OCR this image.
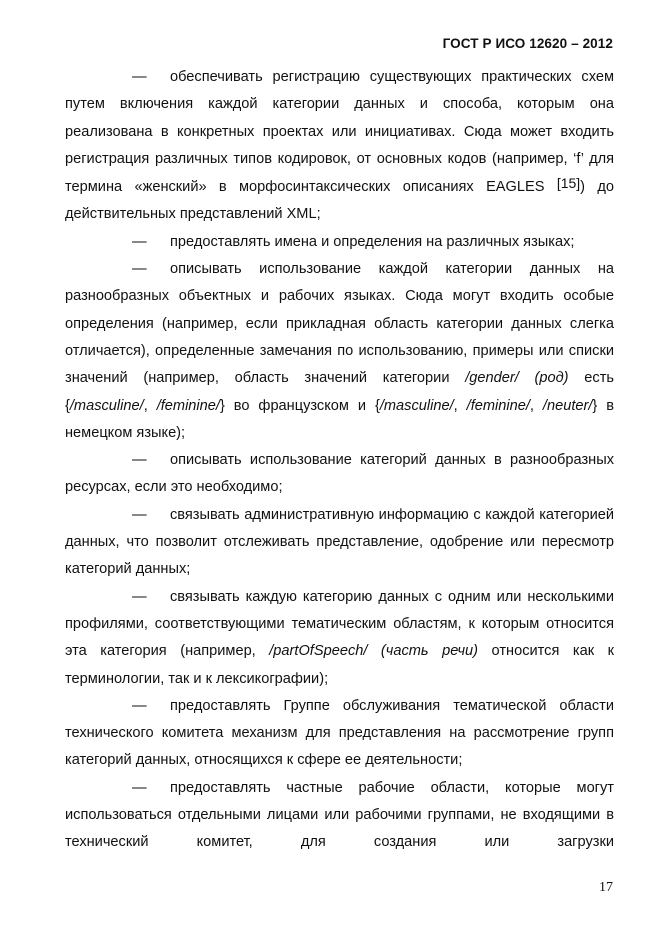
ГОСТ Р ИСО 12620 – 2012

— обеспечивать регистрацию существующих практических схем путем включения каждой категории данных и способа, которым она реализована в конкретных проектах или инициативах. Сюда может входить регистрация различных типов кодировок, от основных кодов (например, ‘f’ для термина «женский» в морфосинтаксических описаниях EAGLES [15]) до действительных представлений XML;

— предоставлять имена и определения на различных языках;

— описывать использование каждой категории данных на разнообразных объектных и рабочих языках. Сюда могут входить особые определения (например, если прикладная область категории данных слегка отличается), определенные замечания по использованию, примеры или списки значений (например, область значений категории /gender/ (род) есть {/masculine/, /feminine/} во французском и {/masculine/, /feminine/, /neuter/} в немецком языке);

— описывать использование категорий данных в разнообразных ресурсах, если это необходимо;

— связывать административную информацию с каждой категорией данных, что позволит отслеживать представление, одобрение или пересмотр категорий данных;

— связывать каждую категорию данных с одним или несколькими профилями, соответствующими тематическим областям, к которым относится эта категория (например, /partOfSpeech/ (часть речи) относится как к терминологии, так и к лексикографии);

— предоставлять Группе обслуживания тематической области технического комитета механизм для представления на рассмотрение групп категорий данных, относящихся к сфере ее деятельности;

— предоставлять частные рабочие области, которые могут использоваться отдельными лицами или рабочими группами, не входящими в технический комитет, для создания или загрузки

17
